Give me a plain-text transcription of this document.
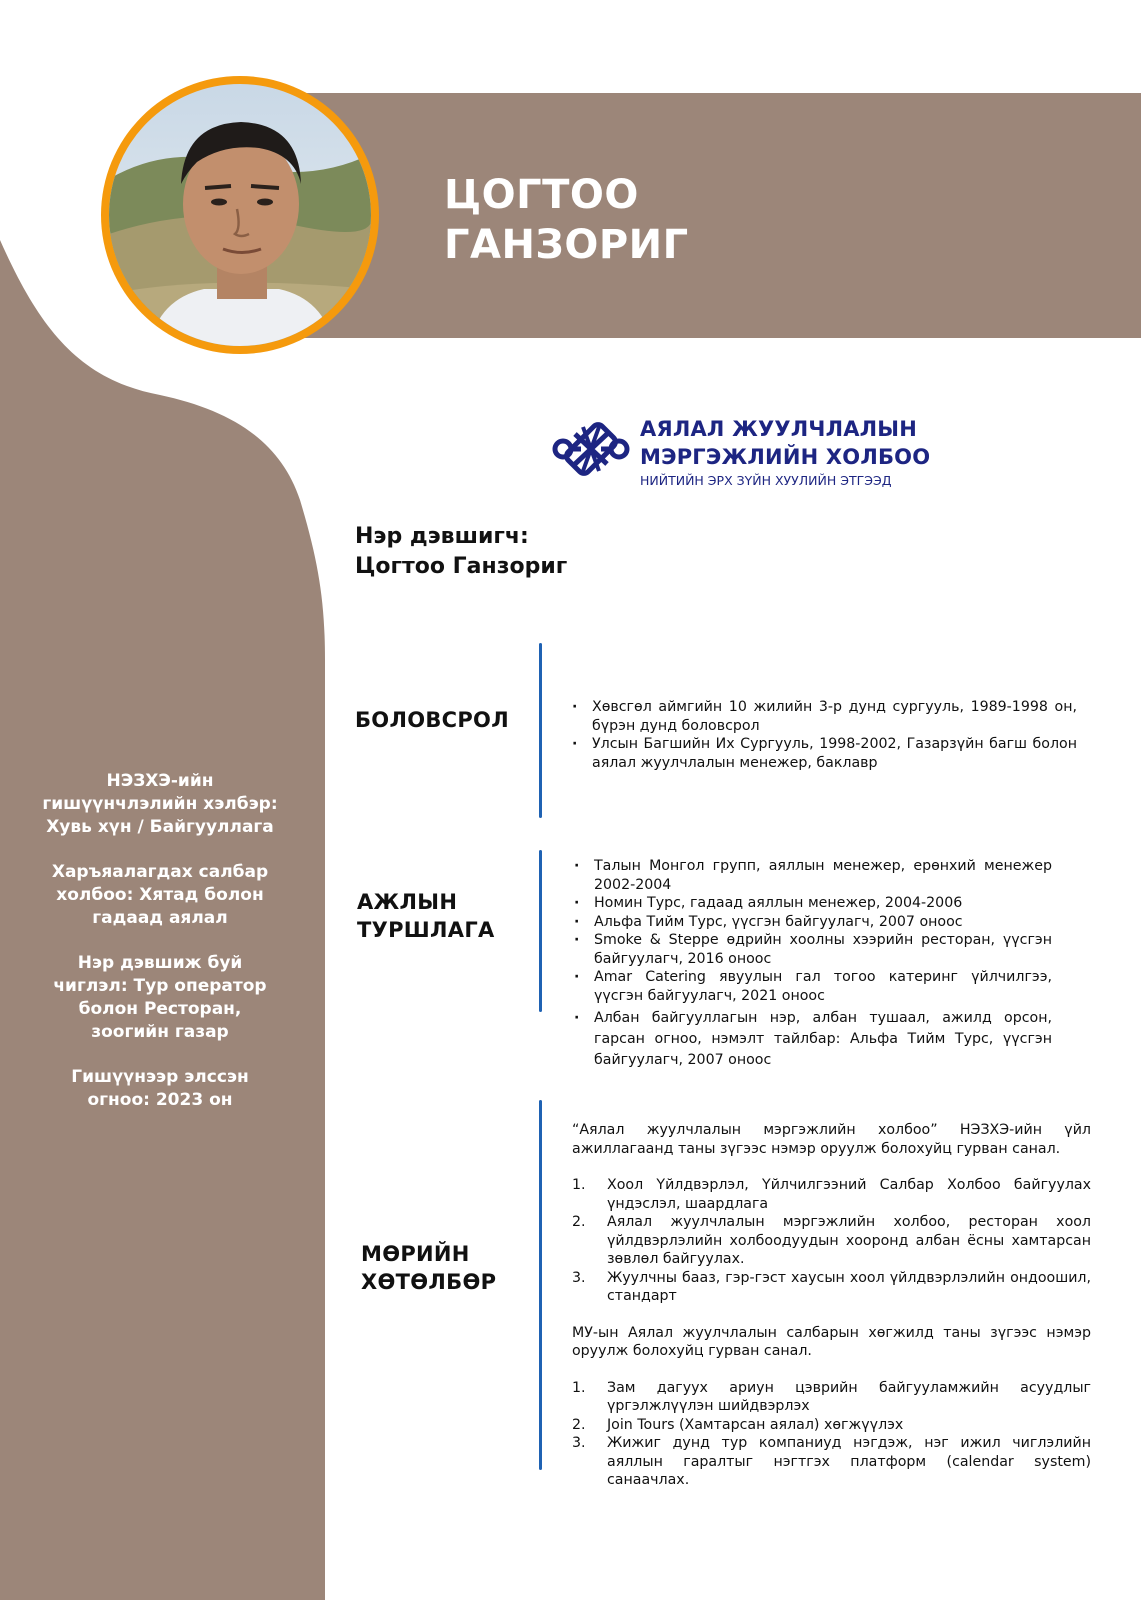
ЦОГТОО
ГАНЗОРИГ
АЯЛАЛ ЖУУЛЧЛАЛЫН
МЭРГЭЖЛИЙН ХОЛБОО
НИЙТИЙН ЭРХ ЗҮЙН ХУУЛИЙН ЭТГЭЭД
Нэр дэвшигч:
Цогтоо Ганзориг

НЭЗХЭ-ийн гишүүнчлэлийн хэлбэр: Хувь хүн / Байгууллага

Харъяалагдах салбар холбоо: Хятад болон гадаад аялал

Нэр дэвшиж буй чиглэл: Тур оператор болон Ресторан, зоогийн газар

Гишүүнээр элссэн огноо: 2023 он

БОЛОВСРОЛ
· Хөвсгөл аймгийн 10 жилийн 3-р дунд сургууль, 1989-1998 он, бүрэн дунд боловсрол
· Улсын Багшийн Их Сургууль, 1998-2002, Газарзүйн багш болон аялал жуулчлалын менежер, баклавр
АЖЛЫН
ТУРШЛАГА
· Талын Монгол групп, аяллын менежер, ерөнхий менежер 2002-2004
· Номин Турс, гадаад аяллын менежер, 2004-2006
· Альфа Тийм Турс, үүсгэн байгуулагч, 2007 оноос
· Smoke & Steppe өдрийн хоолны хээрийн ресторан, үүсгэн байгуулагч, 2016 оноос
· Amar Catering явуулын гал тогоо катеринг үйлчилгээ, үүсгэн байгуулагч, 2021 оноос
· Албан байгууллагын нэр, албан тушаал, ажилд орсон, гарсан огноо, нэмэлт тайлбар: Альфа Тийм Турс, үүсгэн байгуулагч, 2007 оноос
МӨРИЙН
ХӨТӨЛБӨР

“Аялал жуулчлалын мэргэжлийн холбоо” НЭЗХЭ-ийн үйл ажиллагаанд таны зүгээс нэмэр оруулж болохуйц гурван санал.

1. Хоол Үйлдвэрлэл, Үйлчилгээний Салбар Холбоо байгуулах үндэслэл, шаардлага
2. Аялал жуулчлалын мэргэжлийн холбоо, ресторан хоол үйлдвэрлэлийн холбоодуудын хооронд албан ёсны хамтарсан зөвлөл байгуулах.
3. Жуулчны бааз, гэр-гэст хаусын хоол үйлдвэрлэлийн ондоошил, стандарт

МУ-ын Аялал жуулчлалын салбарын хөгжилд таны зүгээс нэмэр оруулж болохуйц гурван санал.

1. Зам дагуух ариун цэврийн байгууламжийн асуудлыг үргэлжлүүлэн шийдвэрлэх
2. Join Tours (Хамтарсан аялал) хөгжүүлэх
3. Жижиг дунд тур компаниуд нэгдэж, нэг ижил чиглэлийн аяллын гаралтыг нэгтгэх платформ (calendar system) санаачлах.
